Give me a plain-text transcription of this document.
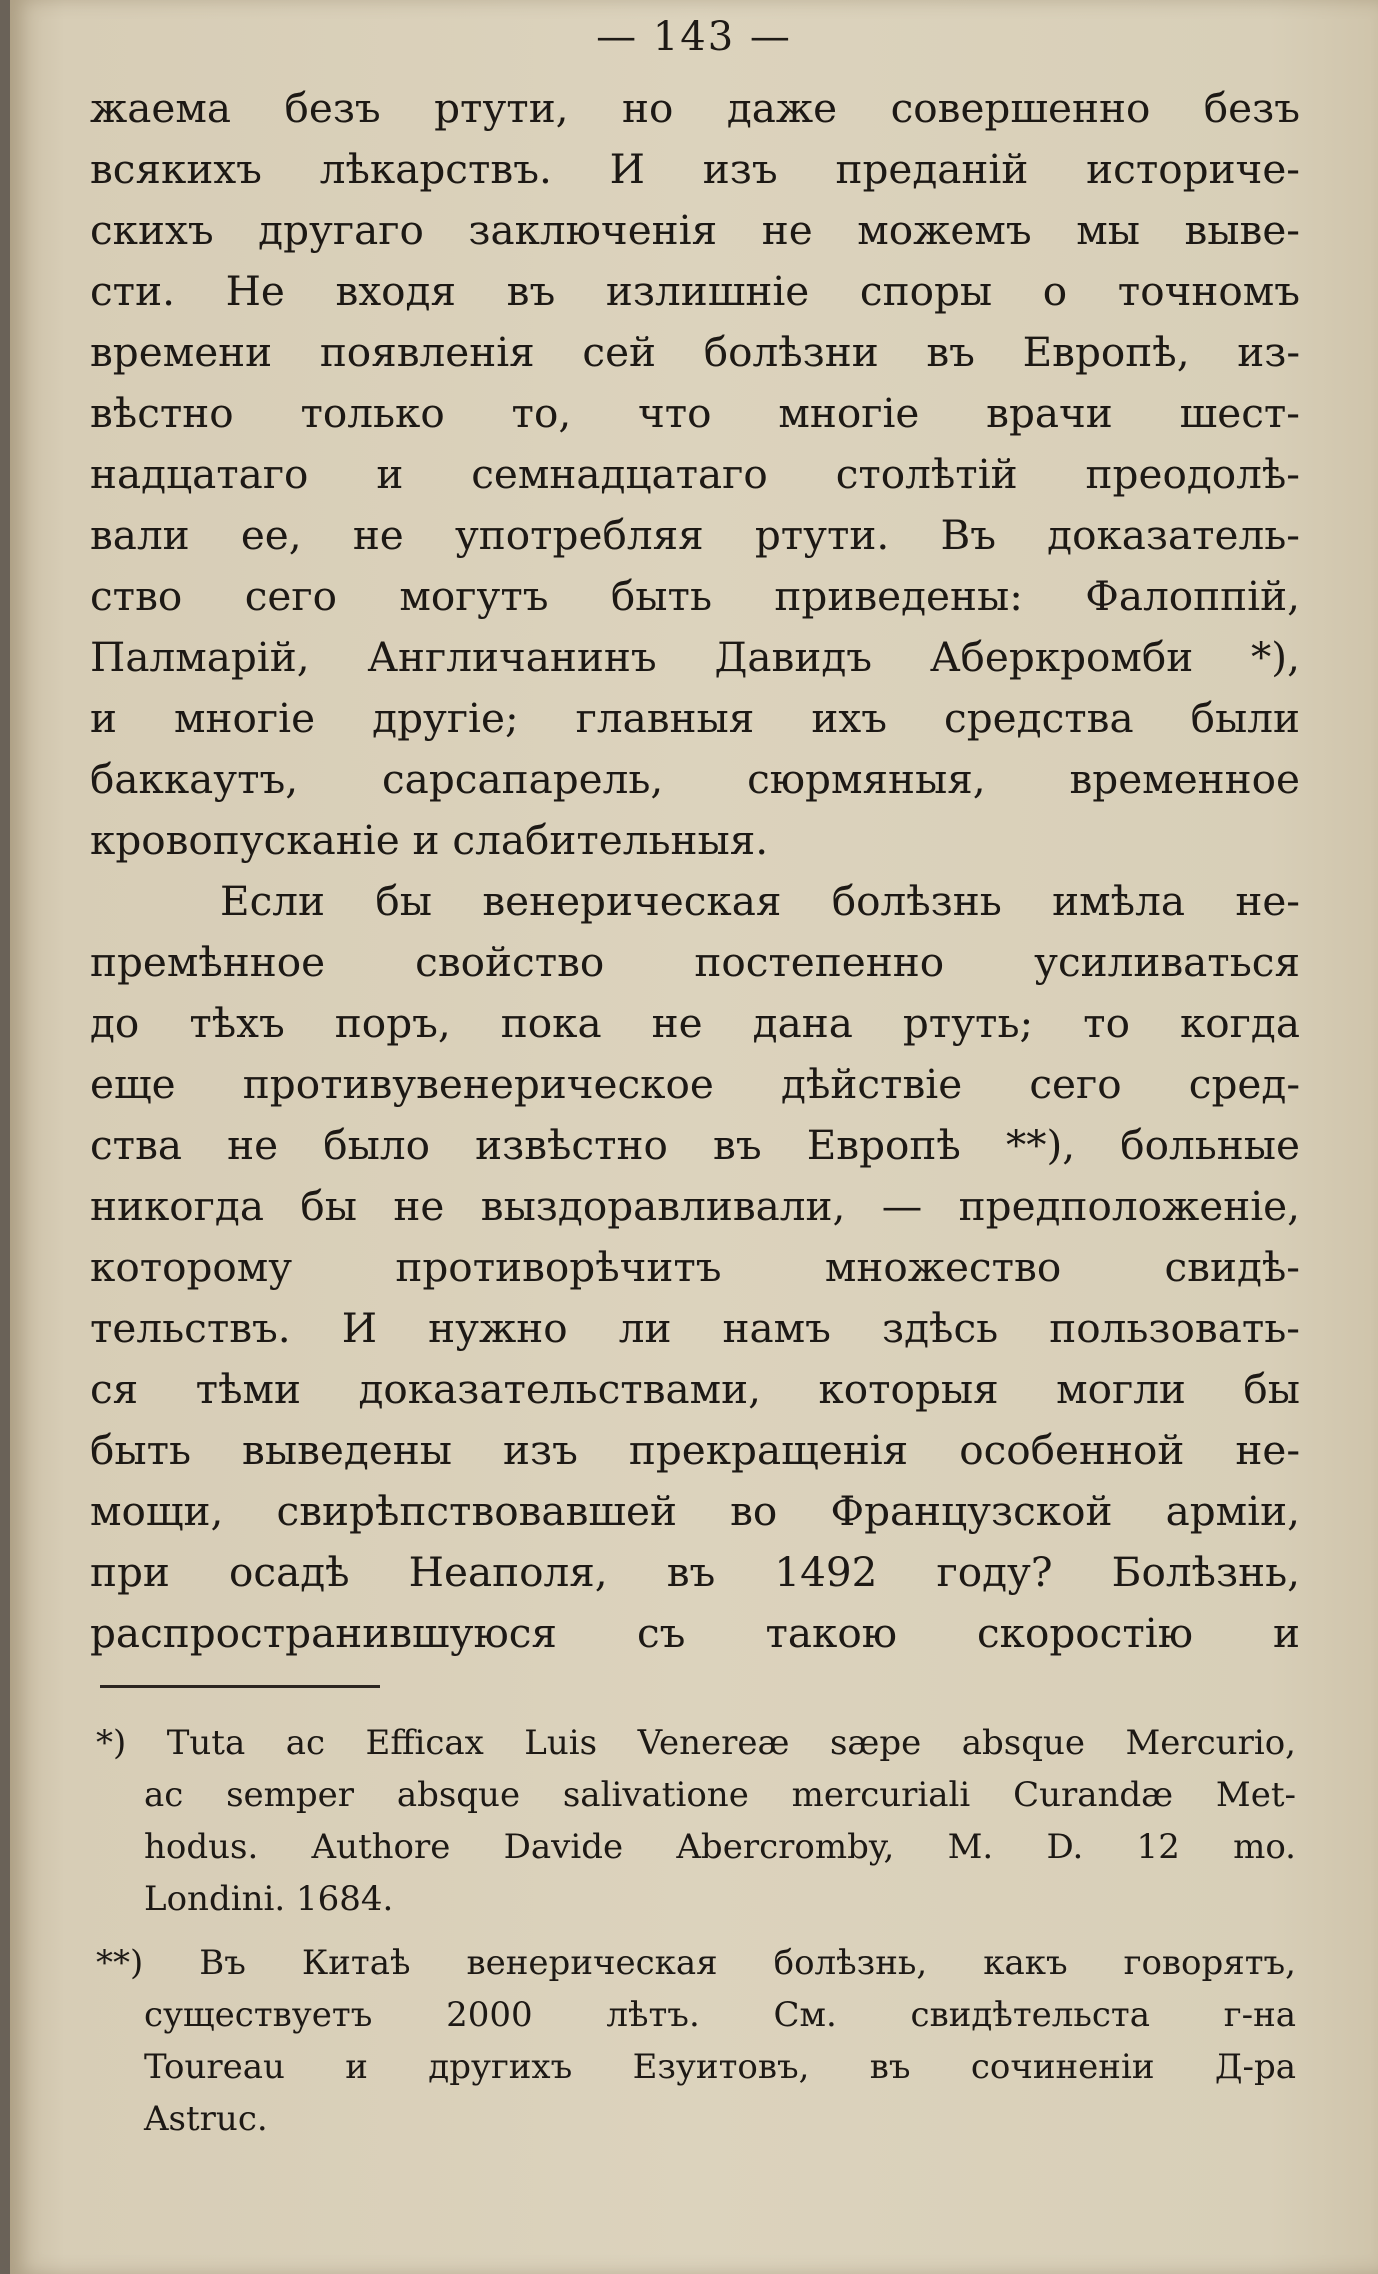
— 143 —
жаема безъ ртути, но даже совершенно безъ
всякихъ лѣкарствъ. И изъ преданій историче-
скихъ другаго заключенія не можемъ мы выве-
сти. Не входя въ излишніе споры о точномъ
времени появленія сей болѣзни въ Европѣ, из-
вѣстно только то, что многіе врачи шест-
надцатаго и семнадцатаго столѣтій преодолѣ-
вали ее, не употребляя ртути. Въ доказатель-
ство сего могутъ быть приведены: Фалоппій,
Палмарій, Англичанинъ Давидъ Аберкромби *),
и многіе другіе; главныя ихъ средства были
баккаутъ, сарсапарель, сюрмяныя, временное
кровопусканіе и слабительныя.
Если бы венерическая болѣзнь имѣла не-
премѣнное свойство постепенно усиливаться
до тѣхъ поръ, пока не дана ртуть; то когда
еще противувенерическое дѣйствіе сего сред-
ства не было извѣстно въ Европѣ **), больные
никогда бы не выздоравливали, — предположеніе,
которому противорѣчитъ множество свидѣ-
тельствъ. И нужно ли намъ здѣсь пользовать-
ся тѣми доказательствами, которыя могли бы
быть выведены изъ прекращенія особенной не-
мощи, свирѣпствовавшей во Французской арміи,
при осадѣ Неаполя, въ 1492 году? Болѣзнь,
распространившуюся съ такою скоростію и
*) Tuta ac Efficax Luis Venereæ sæpe absque Mercurio,
ac semper absque salivatione mercuriali Curandæ Met-
hodus. Authore Davide Abercromby, M. D. 12 mo.
Londini. 1684.
**) Въ Китаѣ венерическая болѣзнь, какъ говорятъ,
существуетъ 2000 лѣтъ. См. свидѣтельста г-на
Toureau и другихъ Езуитовъ, въ сочиненіи Д-ра
Astruc.
